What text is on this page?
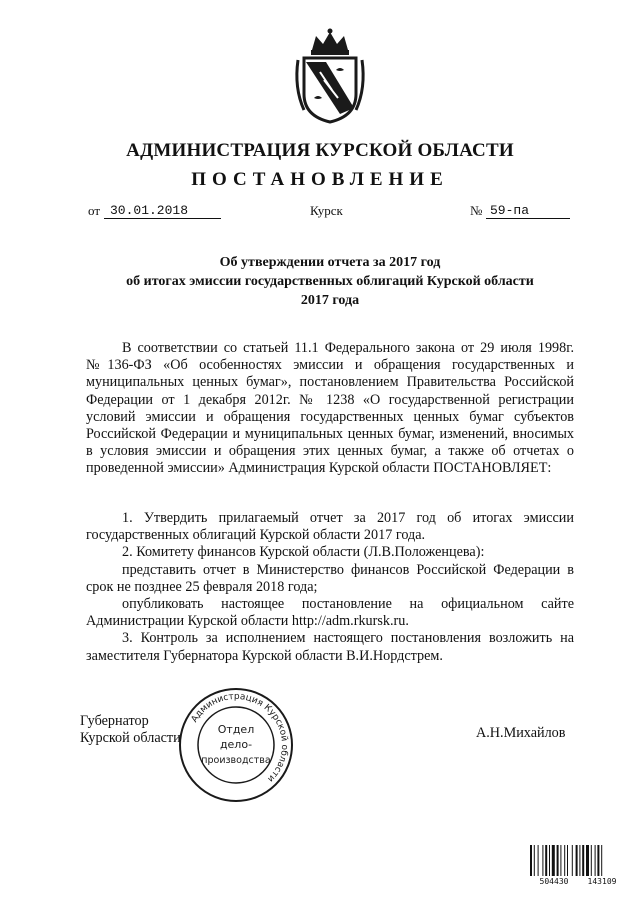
АДМИНИСТРАЦИЯ КУРСКОЙ ОБЛАСТИ
ПОСТАНОВЛЕНИЕ
от 30.01.2018	Курск	№ 59-па
Об утверждении отчета за 2017 год
об итогах эмиссии государственных облигаций Курской области
2017 года

В соответствии со статьей 11.1 Федерального закона от 29 июля 1998г. №136-ФЗ «Об особенностях эмиссии и обращения государственных и муниципальных ценных бумаг», постановлением Правительства Российской Федерации от 1 декабря 2012г. № 1238 «О государственной регистрации условий эмиссии и обращения государственных ценных бумаг субъектов Российской Федерации и муниципальных ценных бумаг, изменений, вносимых в условия эмиссии и обращения этих ценных бумаг, а также об отчетах о проведенной эмиссии» Администрация Курской области ПОСТАНОВЛЯЕТ:

1. Утвердить прилагаемый отчет за 2017 год об итогах эмиссии государственных облигаций Курской области 2017 года.

2. Комитету финансов Курской области (Л.В.Положенцева):

представить отчет в Министерство финансов Российской Федерации в срок не позднее 25 февраля 2018 года;

опубликовать настоящее постановление на официальном сайте Администрации Курской области http://adm.rkursk.ru.

3. Контроль за исполнением настоящего постановления возложить на заместителя Губернатора Курской области В.И.Нордстрем.

Губернатор
Курской области	А.Н.Михайлов
Администрация Курской области
Отдел
дело-
производства
504430 143109
